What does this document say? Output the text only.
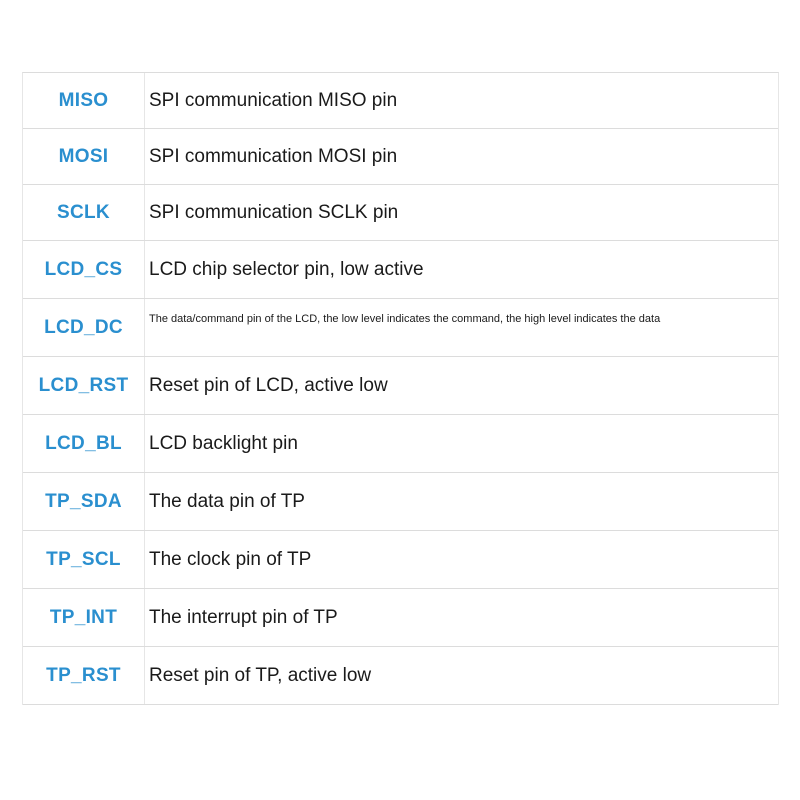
MISO	SPI communication MISO pin
MOSI	SPI communication MOSI pin
SCLK	SPI communication SCLK pin
LCD_CS	LCD chip selector pin, low active
LCD_DC	The data/command pin of the LCD, the low level indicates the command, the high level indicates the data
LCD_RST	Reset pin of LCD, active low
LCD_BL	LCD backlight pin
TP_SDA	The data pin of TP
TP_SCL	The clock pin of TP
TP_INT	The interrupt pin of TP
TP_RST	Reset pin of TP, active low
